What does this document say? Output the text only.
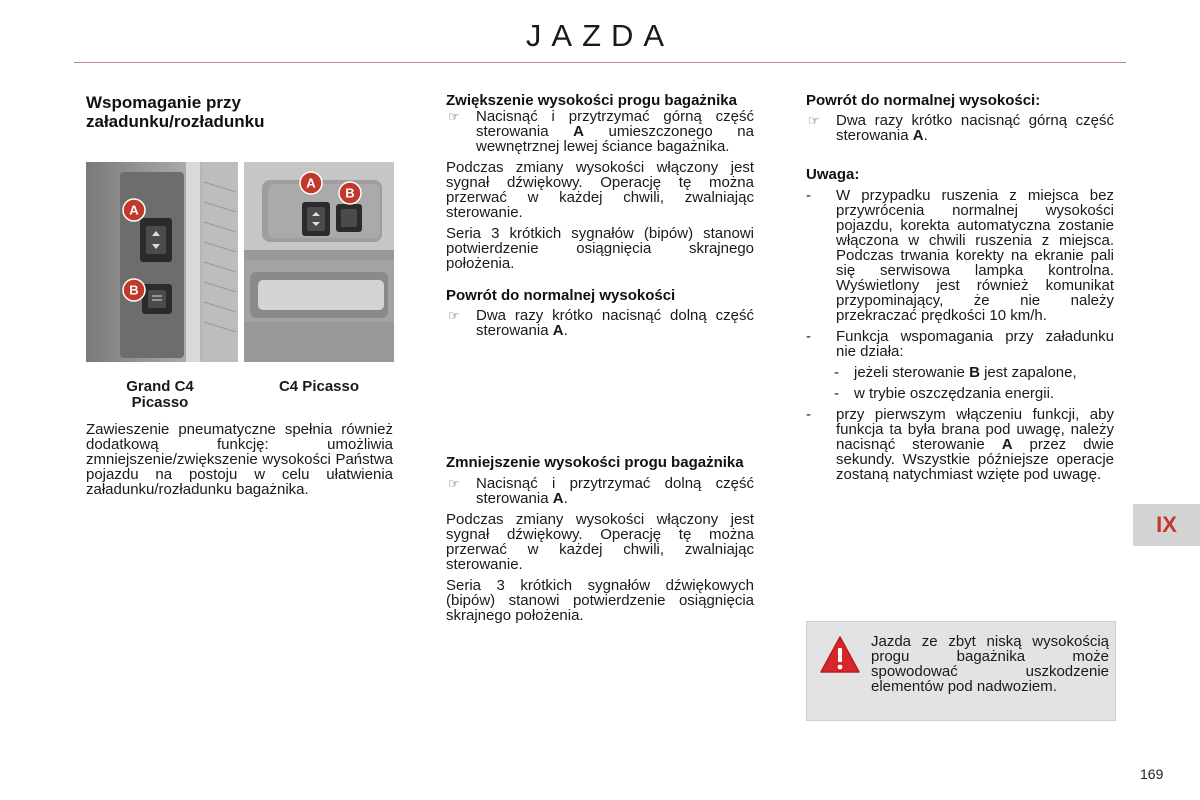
JAZDA
Wspomaganie przy załadunku/rozładunku
A
B
A
B
Grand C4 Picasso
C4 Picasso
Zawieszenie pneumatyczne spełnia również dodatkową funkcję: umożliwia zmniejszenie/zwiększenie wysokości Państwa pojazdu na postoju w celu ułatwienia załadunku/rozładunku bagażnika.
Zwiększenie wysokości progu bagażnika
☞ Nacisnąć i przytrzymać górną część sterowania A umieszczonego na wewnętrznej lewej ściance bagażnika.
Podczas zmiany wysokości włączony jest sygnał dźwiękowy. Operację tę można przerwać w każdej chwili, zwalniając sterowanie.
Seria 3 krótkich sygnałów (bipów) stanowi potwierdzenie osiągnięcia skrajnego położenia.
Powrót do normalnej wysokości
☞ Dwa razy krótko nacisnąć dolną część sterowania A.
Zmniejszenie wysokości progu bagażnika
☞ Nacisnąć i przytrzymać dolną część sterowania A.
Podczas zmiany wysokości włączony jest sygnał dźwiękowy. Operację tę można przerwać w każdej chwili, zwalniając sterowanie.
Seria 3 krótkich sygnałów dźwiękowych (bipów) stanowi potwierdzenie osiągnięcia skrajnego położenia.
Powrót do normalnej wysokości:
☞ Dwa razy krótko nacisnąć górną część sterowania A.
Uwaga:
- W przypadku ruszenia z miejsca bez przywrócenia normalnej wysokości pojazdu, korekta automatyczna zostanie włączona w chwili ruszenia z miejsca. Podczas trwania korekty na ekranie pali się serwisowa lampka kontrolna. Wyświetlony jest również komunikat przypominający, że nie należy przekraczać prędkości 10 km/h.
- Funkcja wspomagania przy załadunku nie działa:
- jeżeli sterowanie B jest zapalone,
- w trybie oszczędzania energii.
- przy pierwszym włączeniu funkcji, aby funkcja ta była brana pod uwagę, należy nacisnąć sterowanie A przez dwie sekundy. Wszystkie późniejsze operacje zostaną natychmiast wzięte pod uwagę.
Jazda ze zbyt niską wysokością progu bagażnika może spowodować uszkodzenie elementów pod nadwoziem.
IX
169
